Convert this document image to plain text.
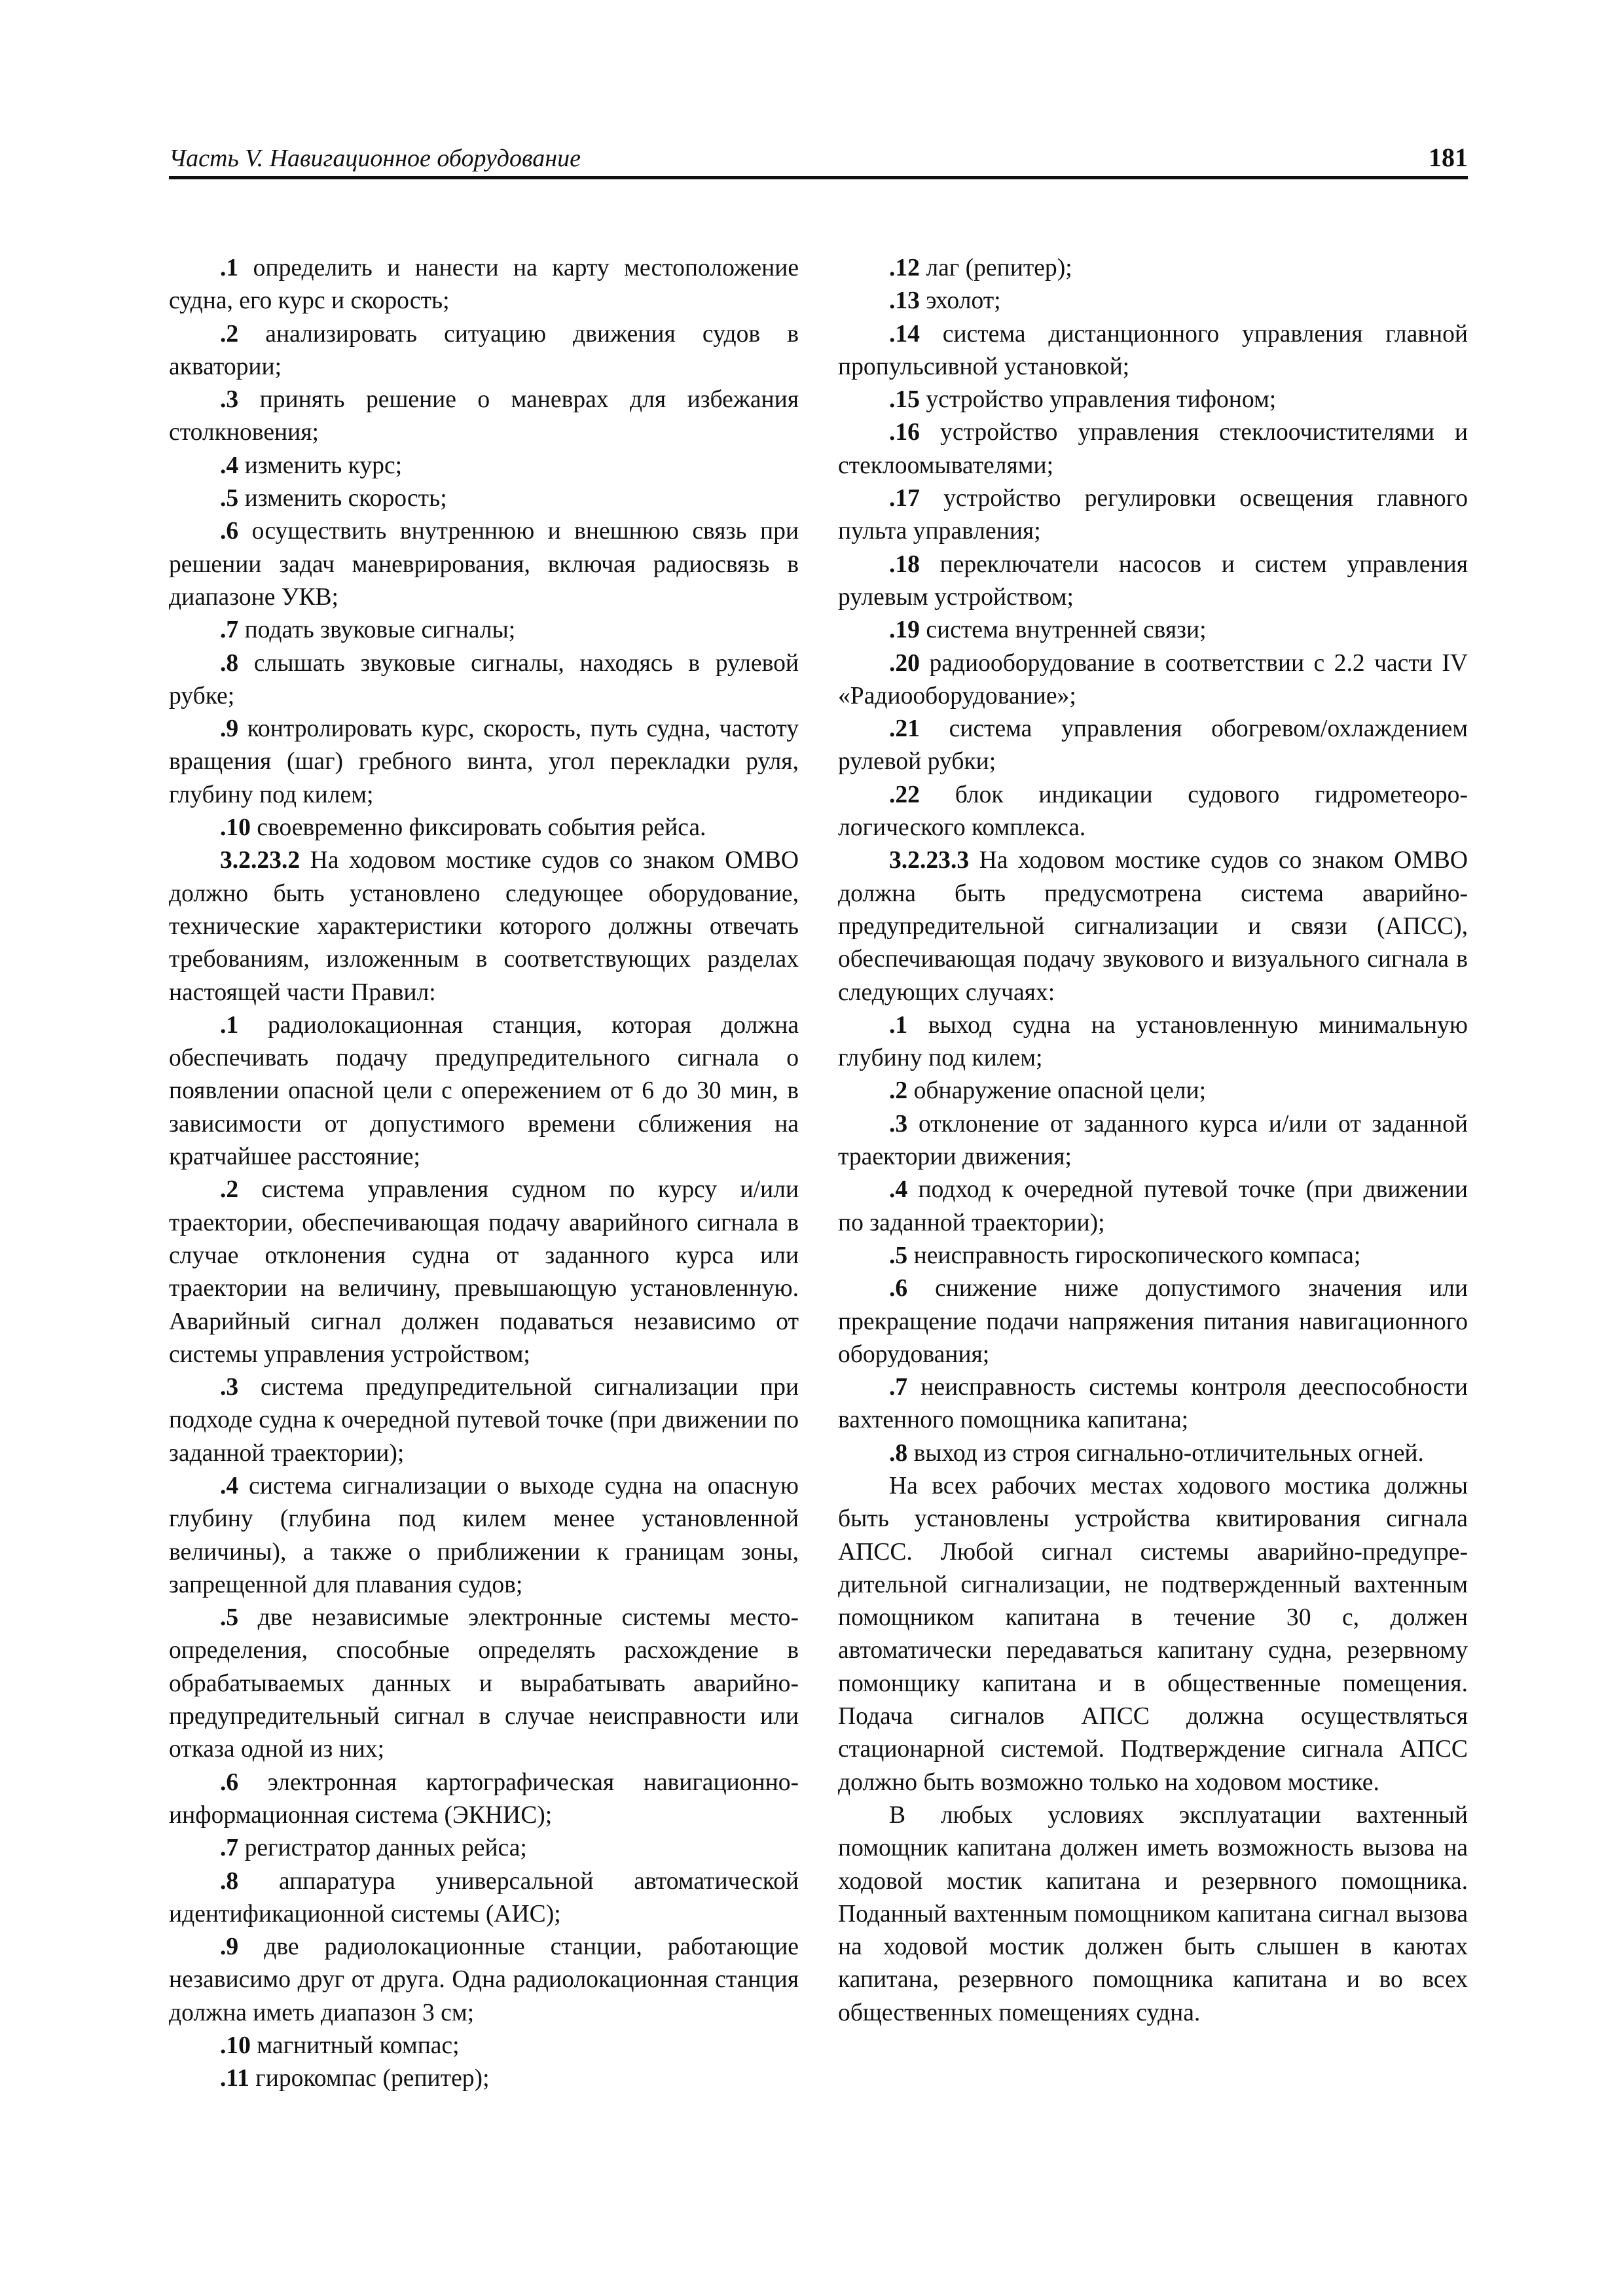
Часть V. Навигационное оборудование	181

.1 определить и нанести на карту местоположение судна, его курс и скорость;

.2 анализировать ситуацию движения судов в акватории;

.3 принять решение о маневрах для избежания столкновения;

.4 изменить курс;

.5 изменить скорость;

.6 осуществить внутреннюю и внешнюю связь при решении задач маневрирования, включая радиосвязь в диапазоне УКВ;

.7 подать звуковые сигналы;

.8 слышать звуковые сигналы, находясь в рулевой рубке;

.9 контролировать курс, скорость, путь судна, частоту вращения (шаг) гребного винта, угол перекладки руля, глубину под килем;

.10 своевременно фиксировать события рейса.

3.2.23.2 На ходовом мостике судов со знаком ОМВО должно быть установлено следующее оборудование, технические характеристики которого должны отвечать требованиям, изложенным в соответствующих разделах настоящей части Правил:

.1 радиолокационная станция, которая должна обеспечивать подачу предупредительного сигнала о появлении опасной цели с опережением от 6 до 30 мин, в зависимости от допустимого времени сближения на кратчайшее расстояние;

.2 система управления судном по курсу и/или траектории, обеспечивающая подачу аварийного сигнала в случае отклонения судна от заданного курса или траектории на величину, превышающую установленную. Аварийный сигнал должен подаваться независимо от системы управления устройством;

.3 система предупредительной сигнализации при подходе судна к очередной путевой точке (при движении по заданной траектории);

.4 система сигнализации о выходе судна на опасную глубину (глубина под килем менее установленной величины), а также о приближении к границам зоны, запрещенной для плавания судов;

.5 две независимые электронные системы местоопределения, способные определять расхождение в обрабатываемых данных и вырабатывать аварийно-предупредительный сигнал в случае неисправности или отказа одной из них;

.6 электронная картографическая навигационно-информационная система (ЭКНИС);

.7 регистратор данных рейса;

.8 аппаратура универсальной автоматической идентификационной системы (АИС);

.9 две радиолокационные станции, работающие независимо друг от друга. Одна радиолокационная станция должна иметь диапазон 3 см;

.10 магнитный компас;

.11 гирокомпас (репитер);

.12 лаг (репитер);

.13 эхолот;

.14 система дистанционного управления главной пропульсивной установкой;

.15 устройство управления тифоном;

.16 устройство управления стеклоочистителями и стеклоомывателями;

.17 устройство регулировки освещения главного пульта управления;

.18 переключатели насосов и систем управления рулевым устройством;

.19 система внутренней связи;

.20 радиооборудование в соответствии с 2.2 части IV «Радиооборудование»;

.21 система управления обогревом/охлаждением рулевой рубки;

.22 блок индикации судового гидрометеорологического комплекса.

3.2.23.3 На ходовом мостике судов со знаком ОМВО должна быть предусмотрена система аварийно-предупредительной сигнализации и связи (АПСС), обеспечивающая подачу звукового и визуального сигнала в следующих случаях:

.1 выход судна на установленную минимальную глубину под килем;

.2 обнаружение опасной цели;

.3 отклонение от заданного курса и/или от заданной траектории движения;

.4 подход к очередной путевой точке (при движении по заданной траектории);

.5 неисправность гироскопического компаса;

.6 снижение ниже допустимого значения или прекращение подачи напряжения питания навигационного оборудования;

.7 неисправность системы контроля дееспособности вахтенного помощника капитана;

.8 выход из строя сигнально-отличительных огней.

На всех рабочих местах ходового мостика должны быть установлены устройства квитирования сигнала АПСС. Любой сигнал системы аварийно-предупредительной сигнализации, не подтвержденный вахтенным помощником капитана в течение 30 с, должен автоматически передаваться капитану судна, резервному помонщику капитана и в общественные помещения. Подача сигналов АПСС должна осуществляться стационарной системой. Подтверждение сигнала АПСС должно быть возможно только на ходовом мостике.

В любых условиях эксплуатации вахтенный помощник капитана должен иметь возможность вызова на ходовой мостик капитана и резервного помощника. Поданный вахтенным помощником капитана сигнал вызова на ходовой мостик должен быть слышен в каютах капитана, резервного помощника капитана и во всех общественных помещениях судна.
